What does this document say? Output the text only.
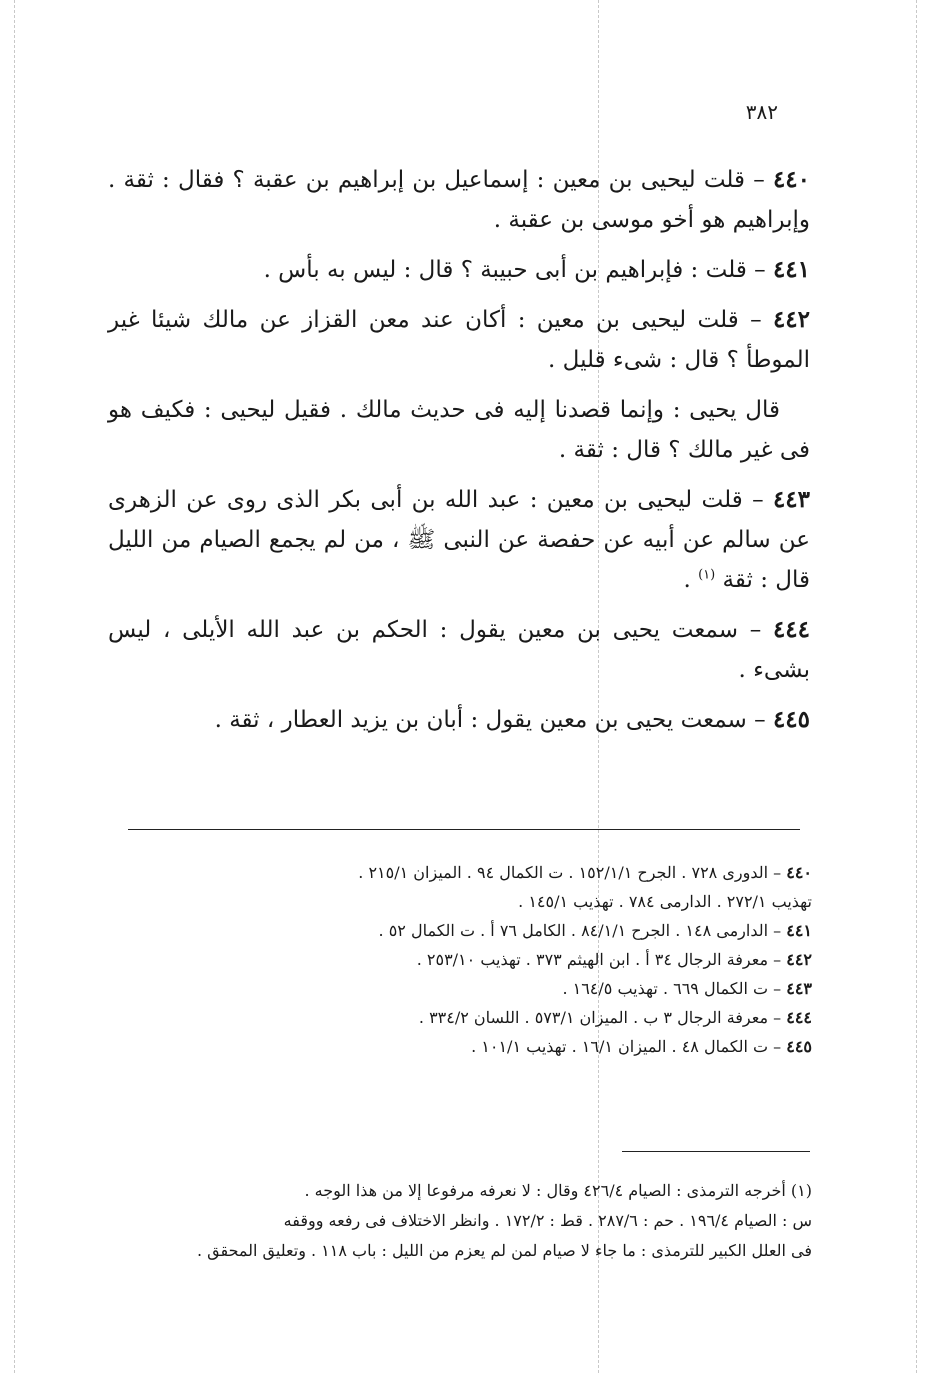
٣٨٢

٤٤٠ – قلت ليحيى بن معين : إسماعيل بن إبراهيم بن عقبة ؟ فقال : ثقة . وإبراهيم هو أخو موسى بن عقبة .

٤٤١ – قلت : فإبراهيم بن أبى حبيبة ؟ قال : ليس به بأس .

٤٤٢ – قلت ليحيى بن معين : أكان عند معن القزاز عن مالك شيئا غير الموطأ ؟ قال : شىء قليل .

قال يحيى : وإنما قصدنا إليه فى حديث مالك . فقيل ليحيى : فكيف هو فى غير مالك ؟ قال : ثقة .

٤٤٣ – قلت ليحيى بن معين : عبد الله بن أبى بكر الذى روى عن الزهرى عن سالم عن أبيه عن حفصة عن النبى ﷺ ، من لم يجمع الصيام من الليل قال : ثقة $^{(١)}$ .

٤٤٤ – سمعت يحيى بن معين يقول : الحكم بن عبد الله الأيلى ، ليس بشىء .

٤٤٥ – سمعت يحيى بن معين يقول : أبان بن يزيد العطار ، ثقة .

٤٤٠ – الدورى ٧٢٨ . الجرح ١٥٢/١/١ . ت الكمال ٩٤ . الميزان ٢١٥/١ .
تهذيب ٢٧٢/١ . الدارمى ٧٨٤ . تهذيب ١٤٥/١ .
٤٤١ – الدارمى ١٤٨ . الجرح ٨٤/١/١ . الكامل ٧٦ أ . ت الكمال ٥٢ .
٤٤٢ – معرفة الرجال ٣٤ أ . ابن الهيثم ٣٧٣ . تهذيب ٢٥٣/١٠ .
٤٤٣ – ت الكمال ٦٦٩ . تهذيب ١٦٤/٥ .
٤٤٤ – معرفة الرجال ٣ ب . الميزان ٥٧٣/١ . اللسان ٣٣٤/٢ .
٤٤٥ – ت الكمال ٤٨ . الميزان ١٦/١ . تهذيب ١٠١/١ .
(١) أخرجه الترمذى : الصيام ٤٢٦/٤ وقال : لا نعرفه مرفوعا إلا من هذا الوجه .
س : الصيام ١٩٦/٤ . حم : ٢٨٧/٦ . قط : ١٧٢/٢ . وانظر الاختلاف فى رفعه ووقفه
فى العلل الكبير للترمذى : ما جاء لا صيام لمن لم يعزم من الليل : باب ١١٨ . وتعليق المحقق .
